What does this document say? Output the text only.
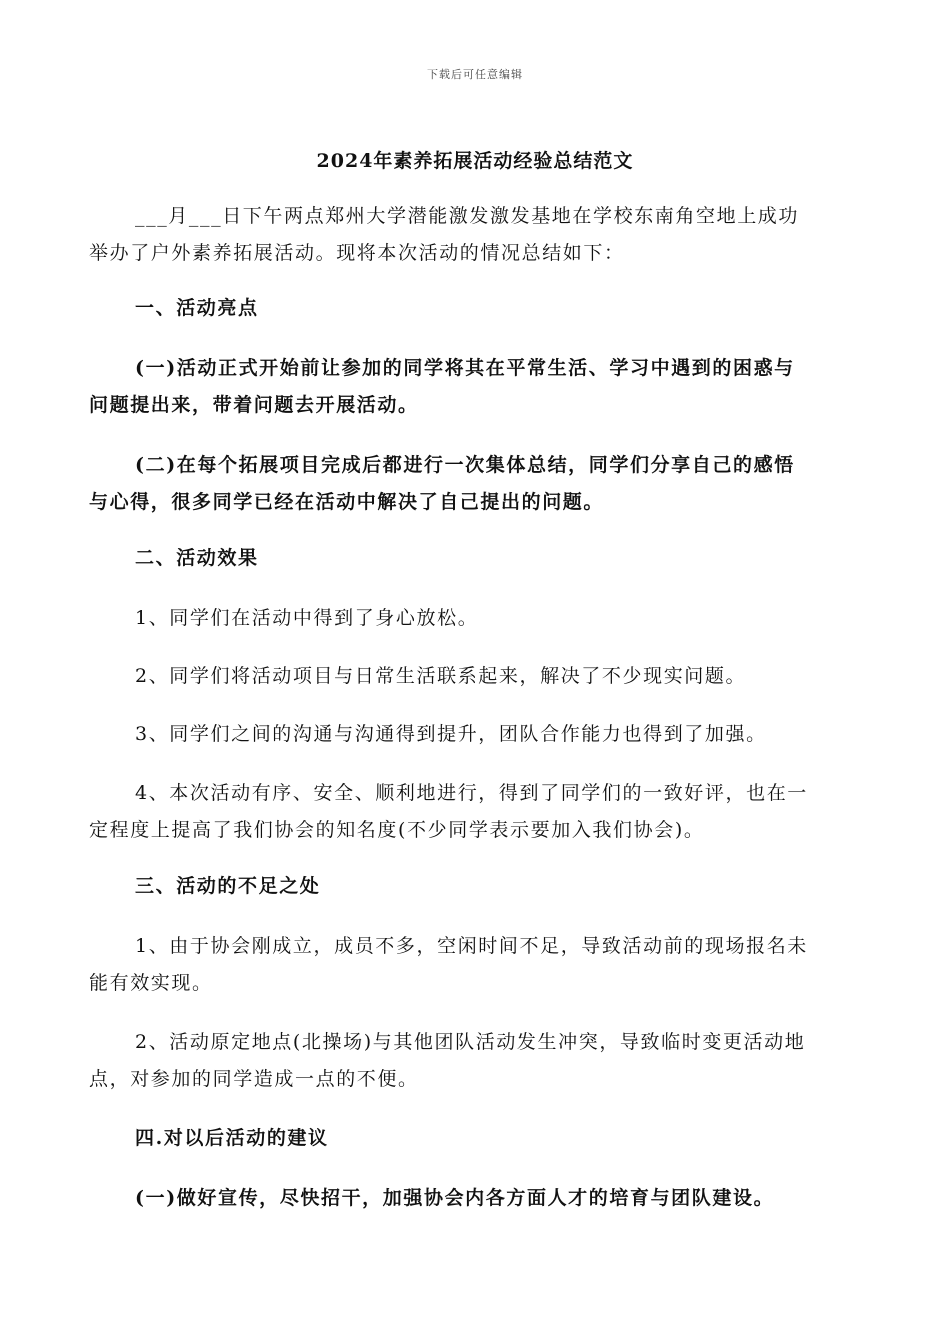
下载后可任意编辑
2024年素养拓展活动经验总结范文
___月___日下午两点郑州大学潜能激发激发基地在学校东南角空地上成功
举办了户外素养拓展活动。现将本次活动的情况总结如下：
一、活动亮点
(一)活动正式开始前让参加的同学将其在平常生活、学习中遇到的困惑与
问题提出来，带着问题去开展活动。
(二)在每个拓展项目完成后都进行一次集体总结，同学们分享自己的感悟
与心得，很多同学已经在活动中解决了自己提出的问题。
二、活动效果
1、同学们在活动中得到了身心放松。
2、同学们将活动项目与日常生活联系起来，解决了不少现实问题。
3、同学们之间的沟通与沟通得到提升，团队合作能力也得到了加强。
4、本次活动有序、安全、顺利地进行，得到了同学们的一致好评，也在一
定程度上提高了我们协会的知名度(不少同学表示要加入我们协会)。
三、活动的不足之处
1、由于协会刚成立，成员不多，空闲时间不足，导致活动前的现场报名未
能有效实现。
2、活动原定地点(北操场)与其他团队活动发生冲突，导致临时变更活动地
点，对参加的同学造成一点的不便。
四.对以后活动的建议
(一)做好宣传，尽快招干，加强协会内各方面人才的培育与团队建设。
